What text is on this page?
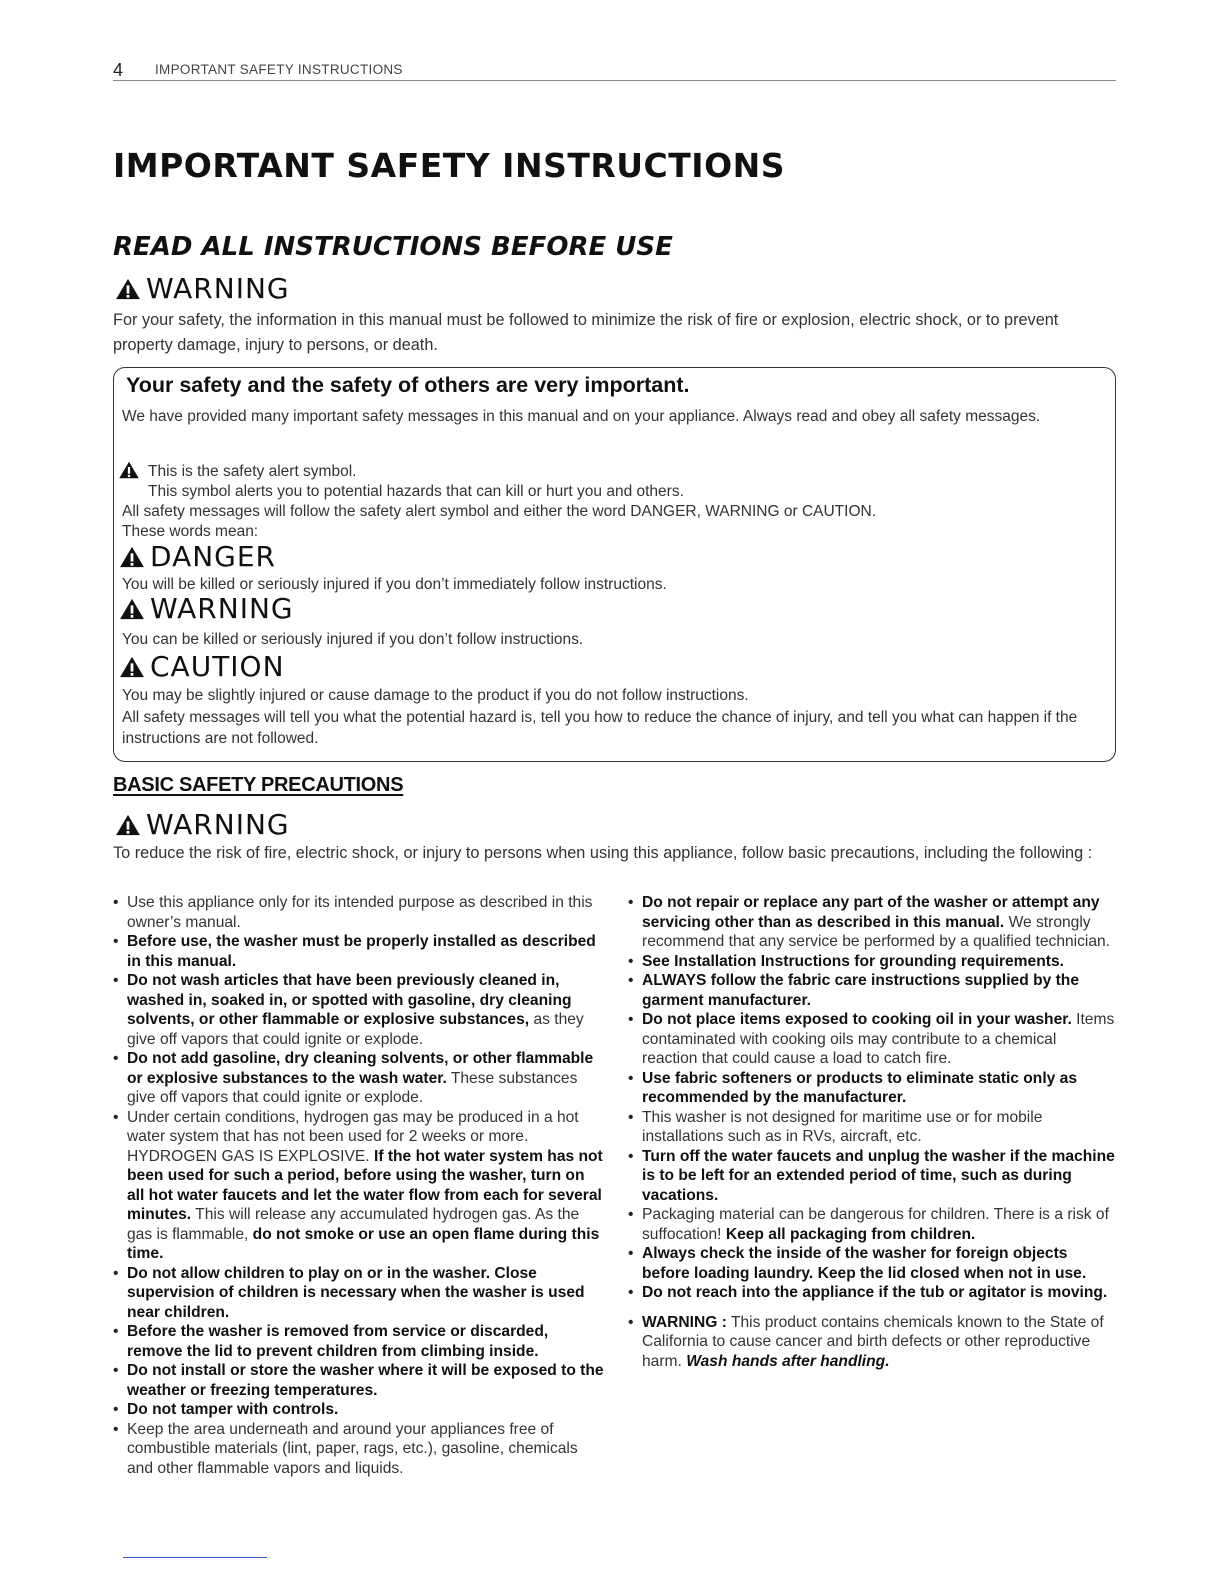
4 IMPORTANT SAFETY INSTRUCTIONS
IMPORTANT SAFETY INSTRUCTIONS
READ ALL INSTRUCTIONS BEFORE USE
WARNING

For your safety, the information in this manual must be followed to minimize the risk of fire or explosion, electric shock, or to prevent property damage, injury to persons, or death.

Your safety and the safety of others are very important.

We have provided many important safety messages in this manual and on your appliance. Always read and obey all safety messages.

This is the safety alert symbol.
This symbol alerts you to potential hazards that can kill or hurt you and others.
All safety messages will follow the safety alert symbol and either the word DANGER, WARNING or CAUTION.
These words mean:
DANGER

You will be killed or seriously injured if you don’t immediately follow instructions.

WARNING

You can be killed or seriously injured if you don’t follow instructions.

CAUTION

You may be slightly injured or cause damage to the product if you do not follow instructions.

All safety messages will tell you what the potential hazard is, tell you how to reduce the chance of injury, and tell you what can happen if the instructions are not followed.

BASIC SAFETY PRECAUTIONS
WARNING

To reduce the risk of fire, electric shock, or injury to persons when using this appliance, follow basic precautions, including the following :

• Use this appliance only for its intended purpose as described in this owner’s manual.
• Before use, the washer must be properly installed as described in this manual.
• Do not wash articles that have been previously cleaned in, washed in, soaked in, or spotted with gasoline, dry cleaning solvents, or other flammable or explosive substances, as they give off vapors that could ignite or explode.
• Do not add gasoline, dry cleaning solvents, or other flammable or explosive substances to the wash water. These substances give off vapors that could ignite or explode.
• Under certain conditions, hydrogen gas may be produced in a hot water system that has not been used for 2 weeks or more. HYDROGEN GAS IS EXPLOSIVE. If the hot water system has not been used for such a period, before using the washer, turn on all hot water faucets and let the water flow from each for several minutes. This will release any accumulated hydrogen gas. As the gas is flammable, do not smoke or use an open flame during this time.
• Do not allow children to play on or in the washer. Close supervision of children is necessary when the washer is used near children.
• Before the washer is removed from service or discarded, remove the lid to prevent children from climbing inside.
• Do not install or store the washer where it will be exposed to the weather or freezing temperatures.
• Do not tamper with controls.
• Keep the area underneath and around your appliances free of combustible materials (lint, paper, rags, etc.), gasoline, chemicals and other flammable vapors and liquids.
• Do not repair or replace any part of the washer or attempt any servicing other than as described in this manual. We strongly recommend that any service be performed by a qualified technician.
• See Installation Instructions for grounding requirements.
• ALWAYS follow the fabric care instructions supplied by the garment manufacturer.
• Do not place items exposed to cooking oil in your washer. Items contaminated with cooking oils may contribute to a chemical reaction that could cause a load to catch fire.
• Use fabric softeners or products to eliminate static only as recommended by the manufacturer.
• This washer is not designed for maritime use or for mobile installations such as in RVs, aircraft, etc.
• Turn off the water faucets and unplug the washer if the machine is to be left for an extended period of time, such as during vacations.
• Packaging material can be dangerous for children. There is a risk of suffocation! Keep all packaging from children.
• Always check the inside of the washer for foreign objects before loading laundry. Keep the lid closed when not in use.
• Do not reach into the appliance if the tub or agitator is moving.
• WARNING : This product contains chemicals known to the State of California to cause cancer and birth defects or other reproductive harm. Wash hands after handling.
